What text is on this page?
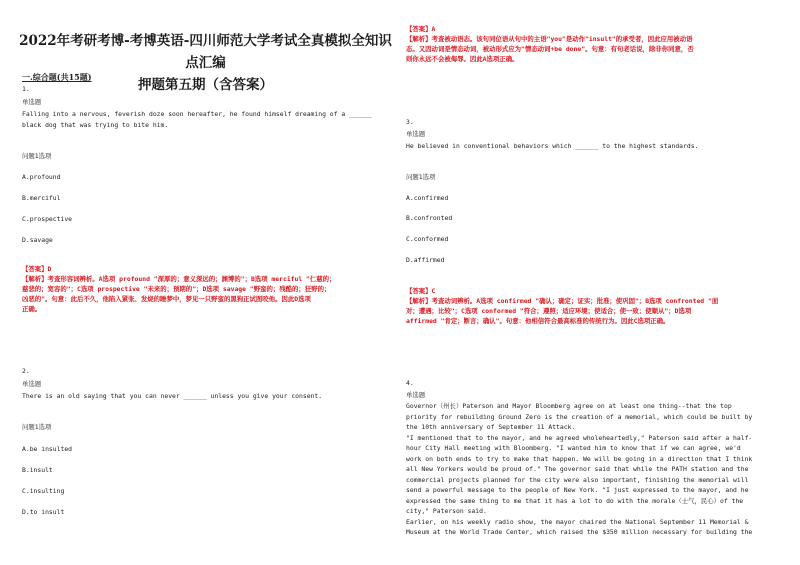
2022年考研考博-考博英语-四川师范大学考试全真模拟全知识点汇编
押题第五期（含答案）
一.综合题(共15题)
1.
单选题
Falling into a nervous, feverish doze soon hereafter, he found himself dreaming of a ______
black dog that was trying to bite him.
问题1选项
A.profound
B.merciful
C.prospective
D.savage
【答案】D
【解析】考查形容词辨析。A选项 profound "深厚的；意义深远的；渊博的"；B选项 merciful "仁慈的；
慈悲的；宽容的"；C选项 prospective "未来的；预期的"；D选项 savage "野蛮的；残酷的；狂野的；
凶恶的"。句意：此后不久，他陷入紧张、发烧的睡梦中，梦见一只野蛮的黑狗正试图咬他。因此D选项
正确。
2.
单选题
There is an old saying that you can never ______ unless you give your consent.
问题1选项
A.be insulted
B.insult
C.insulting
D.to insult
【答案】A
【解析】考查被动语态。该句同位语从句中的主语"you"是动作"insult"的承受者，因此应用被动语
态。又因动词是情态动词，被动形式应为"情态动词+be done"。句意：有句老话说，除非你同意，否
则你永远不会被侮辱。因此A选项正确。
3.
单选题
He believed in conventional behaviors which ______ to the highest standards.
问题1选项
A.confirmed
B.confronted
C.conformed
D.affirmed
【答案】C
【解析】考查动词辨析。A选项 confirmed "确认；确定；证实；批准；使巩固"；B选项 confronted "面
对；遭遇；比较"；C选项 conformed "符合；遵照；适应环境；使适合；使一致；使顺从"；D选项
affirmed "肯定；断言；确认"。句意：他相信符合最高标准的传统行为。因此C选项正确。
4.
单选题
Governor（州长）Paterson and Mayor Bloomberg agree on at least one thing--that the top
priority for rebuilding Ground Zero is the creation of a memorial, which could be built by
the 10th anniversary of September 11 Attack.
"I mentioned that to the mayor, and he agreed wholeheartedly," Paterson said after a half-
hour City Hall meeting with Bloomberg. "I wanted him to know that if we can agree, we'd
work on both ends to try to make that happen. We will be going in a direction that I think
all New Yorkers would be proud of." The governor said that while the PATH station and the
commercial projects planned for the city were also important, finishing the memorial will
send a powerful message to the people of New York. "I just expressed to the mayor, and he
expressed the same thing to me that it has a lot to do with the morale（士气，民心）of the
city," Paterson said.
Earlier, on his weekly radio show, the mayor chaired the National September 11 Memorial &
Museum at the World Trade Center, which raised the $350 million necessary for building the
